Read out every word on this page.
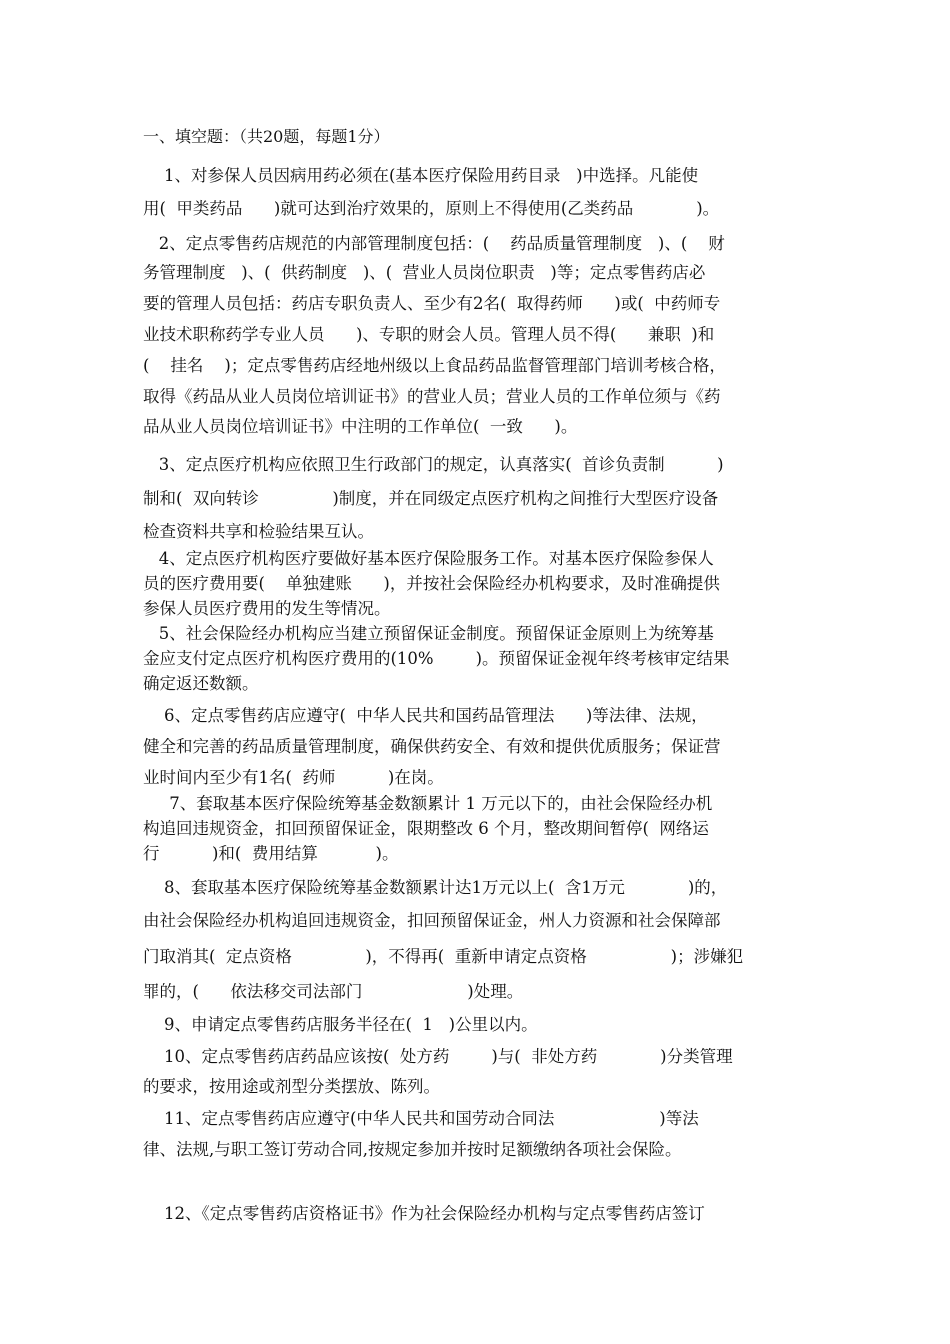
一、填空题：（共20题，每题1分）
1、对参保人员因病用药必须在(基本医疗保险用药目录   )中选择。凡能使
用(  甲类药品      )就可达到治疗效果的，原则上不得使用(乙类药品            )。
2、定点零售药店规范的内部管理制度包括：(    药品质量管理制度   )、(    财
务管理制度   )、(  供药制度   )、(  营业人员岗位职责   )等；定点零售药店必
要的管理人员包括：药店专职负责人、至少有2名(  取得药师      )或(  中药师专
业技术职称药学专业人员      )、专职的财会人员。管理人员不得(      兼职  )和
(    挂名    )；定点零售药店经地州级以上食品药品监督管理部门培训考核合格，
取得《药品从业人员岗位培训证书》的营业人员；营业人员的工作单位须与《药
品从业人员岗位培训证书》中注明的工作单位(  一致      )。
3、定点医疗机构应依照卫生行政部门的规定，认真落实(  首诊负责制          )
制和(  双向转诊              )制度，并在同级定点医疗机构之间推行大型医疗设备
检查资料共享和检验结果互认。
4、定点医疗机构医疗要做好基本医疗保险服务工作。对基本医疗保险参保人
员的医疗费用要(    单独建账      )，并按社会保险经办机构要求，及时准确提供
参保人员医疗费用的发生等情况。
5、社会保险经办机构应当建立预留保证金制度。预留保证金原则上为统筹基
金应支付定点医疗机构医疗费用的(10%        )。预留保证金视年终考核审定结果
确定返还数额。
6、定点零售药店应遵守(  中华人民共和国药品管理法      )等法律、法规，
健全和完善的药品质量管理制度，确保供药安全、有效和提供优质服务；保证营
业时间内至少有1名(  药师          )在岗。
7、套取基本医疗保险统筹基金数额累计 1 万元以下的，由社会保险经办机
构追回违规资金，扣回预留保证金，限期整改 6 个月，整改期间暂停(  网络运
行          )和(  费用结算           )。
8、套取基本医疗保险统筹基金数额累计达1万元以上(  含1万元            )的，
由社会保险经办机构追回违规资金，扣回预留保证金，州人力资源和社会保障部
门取消其(  定点资格              )，不得再(  重新申请定点资格                )；涉嫌犯
罪的，(      依法移交司法部门                    )处理。
9、申请定点零售药店服务半径在(  1   )公里以内。
10、定点零售药店药品应该按(  处方药        )与(  非处方药            )分类管理
的要求，按用途或剂型分类摆放、陈列。
11、定点零售药店应遵守(中华人民共和国劳动合同法                    )等法
律、法规,与职工签订劳动合同,按规定参加并按时足额缴纳各项社会保险。
12、《定点零售药店资格证书》作为社会保险经办机构与定点零售药店签订
